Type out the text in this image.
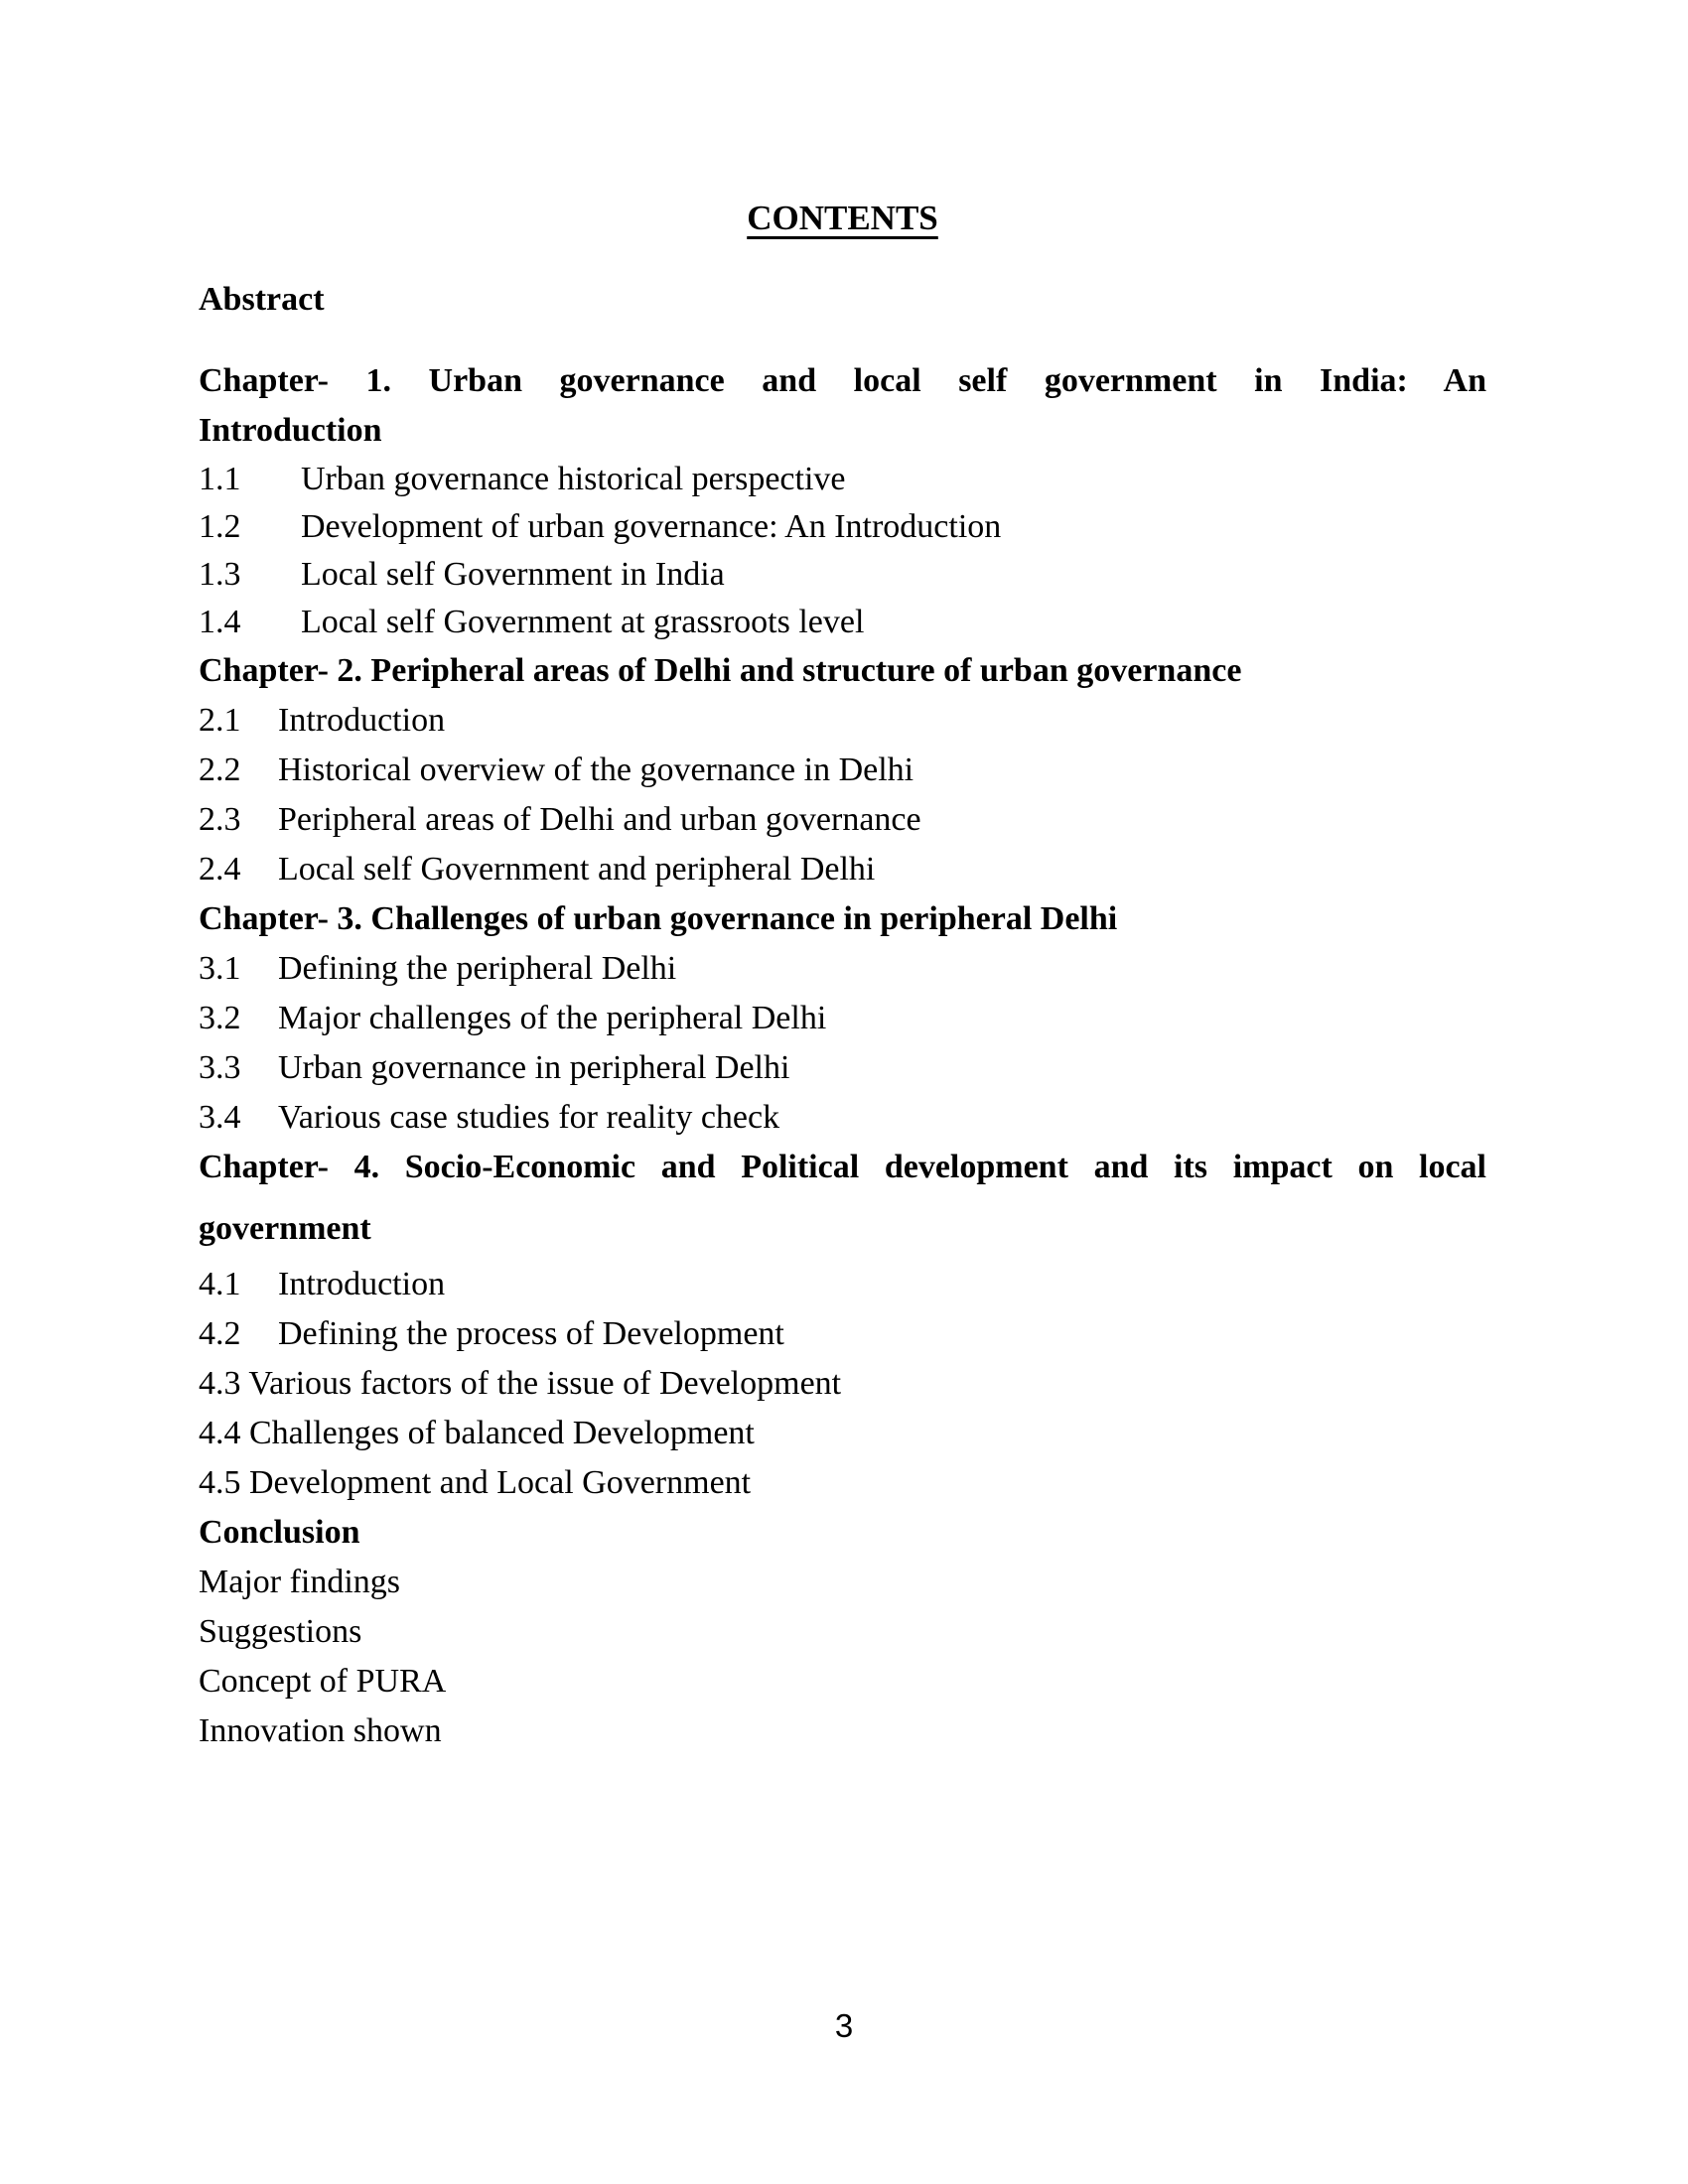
CONTENTS
Abstract
Chapter- 1. Urban governance and local self government in India: An
Introduction
1.1 Urban governance historical perspective
1.2 Development of urban governance: An Introduction
1.3 Local self Government in India
1.4 Local self Government at grassroots level
Chapter- 2. Peripheral areas of Delhi and structure of urban governance
2.1 Introduction
2.2 Historical overview of the governance in Delhi
2.3 Peripheral areas of Delhi and urban governance
2.4 Local self Government and peripheral Delhi
Chapter- 3. Challenges of urban governance in peripheral Delhi
3.1 Defining the peripheral Delhi
3.2 Major challenges of the peripheral Delhi
3.3 Urban governance in peripheral Delhi
3.4 Various case studies for reality check
Chapter- 4. Socio-Economic and Political development and its impact on local
government
4.1 Introduction
4.2 Defining the process of Development
4.3 Various factors of the issue of Development
4.4 Challenges of balanced Development
4.5 Development and Local Government
Conclusion
Major findings
Suggestions
Concept of PURA
Innovation shown
3
